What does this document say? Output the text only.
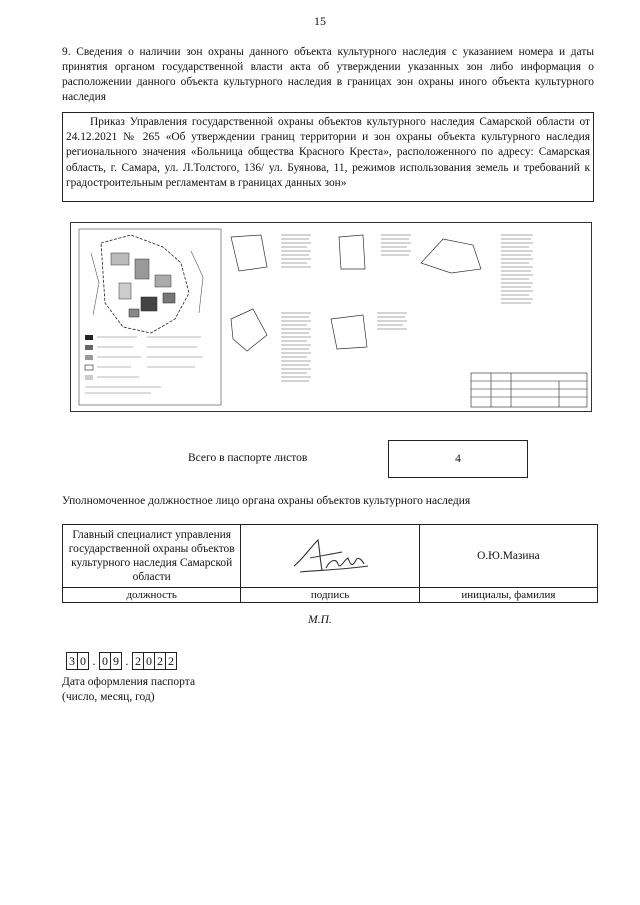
15
9. Сведения о наличии зон охраны данного объекта культурного наследия с указанием номера и даты принятия органом государственной власти акта об утверждении указанных зон либо информация о расположении данного объекта культурного наследия в границах зон охраны иного объекта культурного наследия
Приказ Управления государственной охраны объектов культурного наследия Самарской области от 24.12.2021 № 265 «Об утверждении границ территории и зон охраны объекта культурного наследия регионального значения «Больница общества Красного Креста», расположенного по адресу: Самарская область, г. Самара, ул. Л.Толстого, 136/ ул. Буянова, 11, режимов использования земель и требований к градостроительным регламентам в границах данных зон»
Всего в паспорте листов	4
Уполномоченное должностное лицо органа охраны объектов культурного наследия
Главный специалист управления государственной охраны объектов культурного наследия Самарской области		О.Ю.Мазина
должность	подпись	инициалы, фамилия
М.П.
3 0 . 0 9 . 2 0 2 2
Дата оформления паспорта
(число, месяц, год)
